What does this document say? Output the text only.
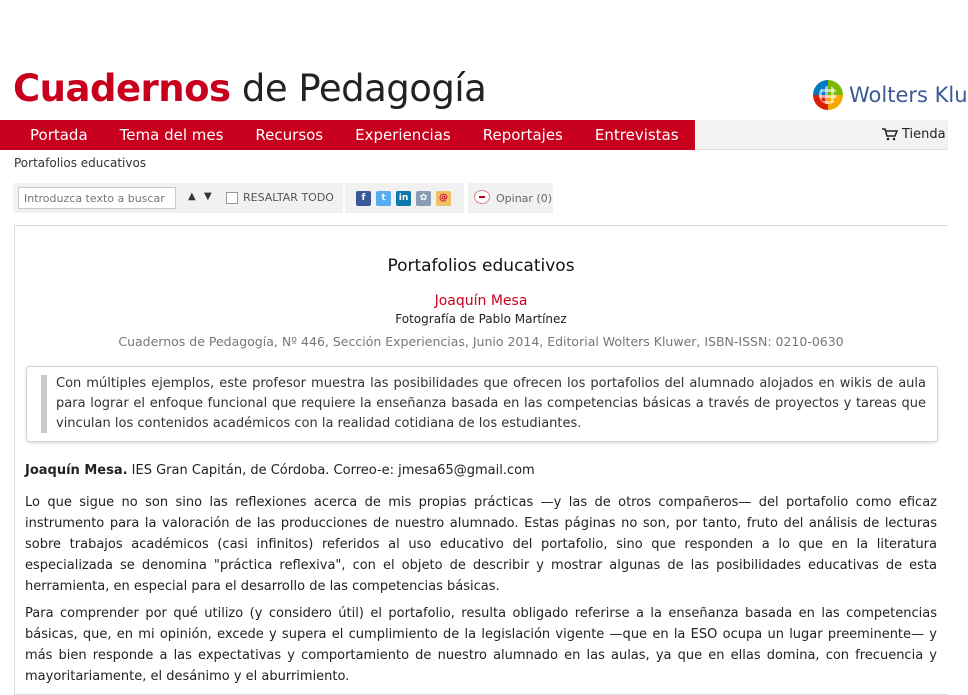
Cuadernos de Pedagogía	Wolters Klu
Portada	Tema del mes	Recursos	Experiencias	Reportajes	Entrevistas	Tienda
Portafolios educativos
Introduzca texto a buscar
▲ ▼	RESALTAR TODO	f	t	in	✿	@	Opinar (0)
Portafolios educativos
Joaquín Mesa
Fotografía de Pablo Martínez
Cuadernos de Pedagogía, Nº 446, Sección Experiencias, Junio 2014, Editorial Wolters Kluwer, ISBN-ISSN: 0210-0630
Con múltiples ejemplos, este profesor muestra las posibilidades que ofrecen los portafolios del alumnado alojados en wikis de aula para lograr el enfoque funcional que requiere la enseñanza basada en las competencias básicas a través de proyectos y tareas que vinculan los contenidos académicos con la realidad cotidiana de los estudiantes.
Joaquín Mesa. IES Gran Capitán, de Córdoba. Correo-e: jmesa65@gmail.com
Lo que sigue no son sino las reflexiones acerca de mis propias prácticas —y las de otros compañeros— del portafolio como eficaz instrumento para la valoración de las producciones de nuestro alumnado. Estas páginas no son, por tanto, fruto del análisis de lecturas sobre trabajos académicos (casi infinitos) referidos al uso educativo del portafolio, sino que responden a lo que en la literatura especializada se denomina "práctica reflexiva", con el objeto de describir y mostrar algunas de las posibilidades educativas de esta herramienta, en especial para el desarrollo de las competencias básicas.
Para comprender por qué utilizo (y considero útil) el portafolio, resulta obligado referirse a la enseñanza basada en las competencias básicas, que, en mi opinión, excede y supera el cumplimiento de la legislación vigente —que en la ESO ocupa un lugar preeminente— y más bien responde a las expectativas y comportamiento de nuestro alumnado en las aulas, ya que en ellas domina, con frecuencia y mayoritariamente, el desánimo y el aburrimiento.
